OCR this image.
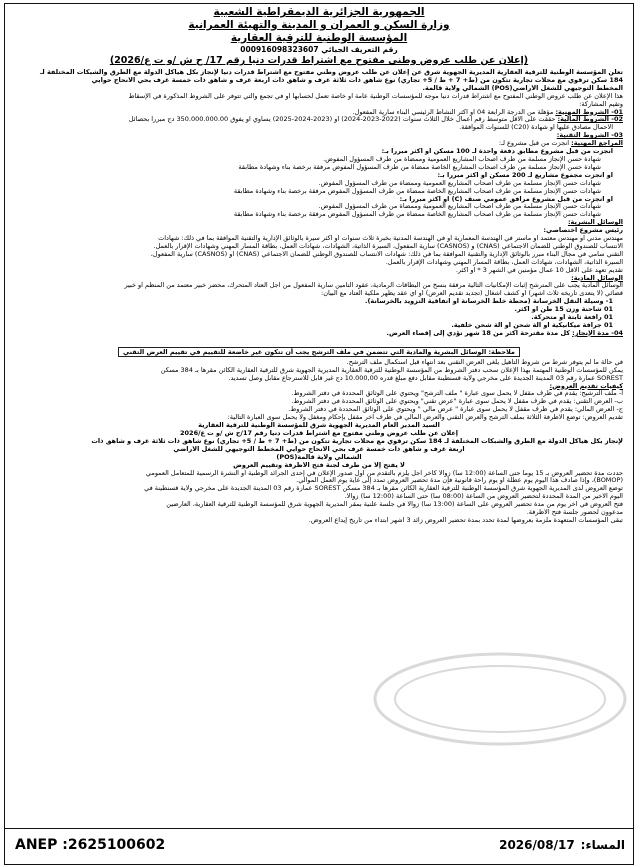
الجمهورية الجزائرية الديمقراطية الشعبية
وزارة السكن و العمران و المدينة والتهيئة العمرانية
المؤسسة الوطنية للترقية العقارية
رقم التعريف الجبائي 000916098323607
(إعلان عن طلب عروض وطني مفتوح مع اشتراط قدرات دنيا رقم 17/ ح ش /و ت ع/2026)

تعلن المؤسسة الوطنية للترقية العقارية المديرية الجهوية شرق عن إعلان عن طلب عروض وطني مفتوح مع اشتراط قدرات دنيا لإنجاز بكل هياكل الدولة مع الطرق والشبكات المختلفة لـ

184 سكن ترقوي مع محلات تجارية تتكون من (ط+ 7 + ط / 5+ تجاري) نوع شاهق ذات ثلاثة غرف و شاهق ذات أربعة غرف و شاهق ذات خمسة غرف بحي الانحاج حوايي

المخطط التوجيهي للشغل الأراضي(POS) الشمالي ولاية قالمة.

هذا الإعلان عن طلب عروض الوطني المفتوح مع اشتراط قدرات دنيا موجه للمؤسسات الوطنية عامة أو خاصة تعمل لحسابها أو في تجمع والتي تتوفر على الشروط المذكورة في الإسقاط

وتقيم المشاركة:

01- الشروط المهنية: مؤهلة من الدرجة الرابعة 04 أو أكثر النشاط الرئيسي البناء سارية المفعول.

02- الشروط المالية: حققت على الأقل متوسط رقم أعمال خلال الثلاث سنوات (2022-2023-2024) أو (2023-2024-2025) يساوي أو يفوق 350.000.000.00 دج مبرراً بحصائل

الأحمال مصادق عليها أو شهادة (C20) للسنوات الموافقة.

03- الشروط التقنية:

المراجع المهنية: أنجزت من قبل مشروع لـ:

أنجزت من قبل مشروع مطابق دفعة واحدة لـ 100 مسكن أو أكثر مبرراً بـ:

شهادة حسن الإنجاز مسلمة من طرف أصحاب المشاريع العمومية وممضاة من طرف المسؤول المفوض.

شهادة حسن الإنجاز مسلمة من طرف أصحاب المشاريع الخاصة ممضاة من طرف المسؤول المفوض مرفقة برخصة بناء وشهادة مطابقة

أو أنجزت مجموع مشاريع لـ 200 مسكن أو أكثر مبرراً بـ:

شهادات حسن الإنجاز مسلمة من طرف أصحاب المشاريع العمومية وممضاة من طرف المسؤول المفوض.

شهادات حسن الإنجاز مسلمة من طرف أصحاب المشاريع الخاصة ممضاة من طرف المسؤول المفوض مرفقة برخصة بناء وشهادة مطابقة

أو أنجزت من قبل مشروع مرافق عمومي صنف (C) أو أكثر مبرراً بـ:

شهادات حسن الإنجاز مسلمة من طرف أصحاب المشاريع العمومية وممضاة من طرف المسؤول المفوض.

شهادات حسن الإنجاز مسلمة من طرف أصحاب المشاريع الخاصة ممضاة من طرف المسؤول المفوض مرفقة برخصة بناء وشهادة مطابقة

الوسائل البشرية:

رئيس مشروع اختصاصي:

مهندس مدني أو مهندس معتمد أو ماستر في الهندسة المعمارية أو في الهندسة المدنية بخبرة ثلاث سنوات أو أكثر سيرة بالوثائق الإدارية والتقنية الموافقة بما في ذلك: شهادات

الانتساب للصندوق الوطني للضمان الاجتماعي (CNAS) و (CASNOS) سارية المفعول، السيرة الذاتية، الشهادات، شهادات العمل، بطاقة المسار المهني وشهادات الإقرار بالعمل.

التقني سامي في مجال البناء مبرر بالوثائق الإدارية والتقنية الموافقة بما في ذلك: شهادات الانتساب للصندوق الوطني للضمان الاجتماعي (CNAS) أو (CASNOS) سارية المفعول،

السيرة الذاتية، الشهادات، شهادات العمل، بطاقة المسار المهني وشهادات الإقرار بالعمل.

تقديم تعهد على الأقل 10 عمال مؤمنين في الشهر 3 * أو أكثر.

الوسائل المادية:

الوسائل المادية يجب على المترشح إثبات الإمكانيات التالية مرفقة بنسخ من البطاقات الرمادية، عقود التأمين سارية المفعول من أجل العتاد المتحرك، محضر خبير معتمد من المنظم أو خبير

قضائي (لا يتعدى تاريخه ثلاث أشهر) أو كشف أشغال (تجديد تقديم العرض) أو أي عقد يظهر ملكية العتاد مع البيان:

1- وسيلة النقل الخرسانة (محطة خلط الخرسانة أو اتفاقية التزويد بالخرسانة).

01 شاحنة وزن 15 طن أو أكثر.

01 رافعة ثابتة أو متحركة.

01 جرافة ميكانيكية أو آلة شحن أو آلة شحن خلفية.

04- مدة الإنجاز: كل مدة مقترحة أكثر من 18 شهر تؤدي إلى إقصاء العرض.

ملاحظة: الوسائل البشرية والمادية التي تتضمن في ملف الترشح يجب أن تتكون غير خاضعة للتقييم في تقييم العرض التقني

في حالة ما لم يتوفر شرط من شروط التأهيل يلغى العرض التقني بعد انتهاء قبل استكمال ملف الترشح.

يمكن للمؤسسات الوطنية المهتمة بهذا الإعلان سحب دفتر الشروط من المؤسسة الوطنية للترقية العقارية المديرية الجهوية شرق للترقية العقارية الكائن مقرها بـ 384 مسكن

SOREST عمارة رقم 03 المدينة الجديدة على مخرجي ولاية قسنطينة مقابل دفع مبلغ قدره 10.000,00 دج غير قابل للاسترجاع مقابل وصل تسديد.

كيفيات تقديم العروض:

أ- ملف الترشيح: يقدم في ظرف مقفل لا يحمل سوى عبارة " ملف الترشح" ويحتوي على الوثائق المحددة في دفتر الشروط.

ب- العرض التقني: يقدم في ظرف مقفل لا يحمل سوى عبارة "عرض تقني" ويحتوي على الوثائق المحددة في دفتر الشروط.

ج- العرض المالي: يقدم في ظرف مقفل لا يحمل سوى عبارة " عرض مالي " ويحتوي على الوثائق المحددة في دفتر الشروط.

تقديم العروض: توضع الأظرفة الثلاثة بملف الترشح والعرض التقني والعرض المالي في ظرف آخر مقفل بإحكام ومغفل ولا يحمل سوى العبارة التالية:

السيد المدير العام المديرية الجهوية شرق للمؤسسة الوطنية للترقية العقارية

إعلان عن طلب عروض وطني مفتوح مع اشتراط قدرات دنيا رقم 17/ح ش /و ت ع/2026

لإنجاز بكل هياكل الدولة مع الطرق والشبكات المختلفة لـ 184 سكن ترقوي مع محلات تجارية تتكون من (ط+ 7 + ط / 5+ تجاري) نوع شاهق ذات ثلاثة غرف و شاهق ذات

أربعة غرف و شاهق ذات خمسة غرف بحي الانحاج حوايي المخطط التوجيهي للشغل الأراضي

الشمالي ولاية قالمة(POS)

لا يفتح إلا من طرف لجنة فتح الأظرفة وتقييم العروض

حددت مدة تحضير العروض بـ 15 يوماً حتى الساعة (12:00 سا) زوالاً كأخر أجل يلزم بالتقدم من أول صدور الإعلان في إحدى الجرائد الوطنية أو النشرة الرسمية للمتعامل العمومي

(BOMOP)، وإذا صادف هذا اليوم يوم عطلة أو يوم راحة قانونية فإن مدة تحضير العروض تمدد إلى غاية يوم العمل الموالي.

توضع العروض لدى المديرية الجهوية شرق المؤسسة الوطنية للترقية العقارية الكائن مقرها بـ 384 مسكن SOREST عمارة رقم 03 المدينة الجديدة على مخرجي ولاية قسنطينة في

اليوم الأخير من المدة المحددة لتحضير العروض من الساعة (08:00 سا) حتى الساعة (12:00 سا) زوالاً.

فتح العروض في آخر يوم من مدة تحضير العروض على الساعة (13:00 سا) زوالاً في جلسة علنية بمقر المديرية الجهوية شرق للمؤسسة الوطنية للترقية العقارية، العارضين

مدعوون لحضور جلسة فتح الأظرفة.

تبقى المؤسسات المتعهدة ملزمة بعروضها لمدة تحدد بمدة تحضير العروض زائد 3 أشهر ابتداء من تاريخ إيداع العروض.

ANEP :2625100602	المساء:2026/08/17
